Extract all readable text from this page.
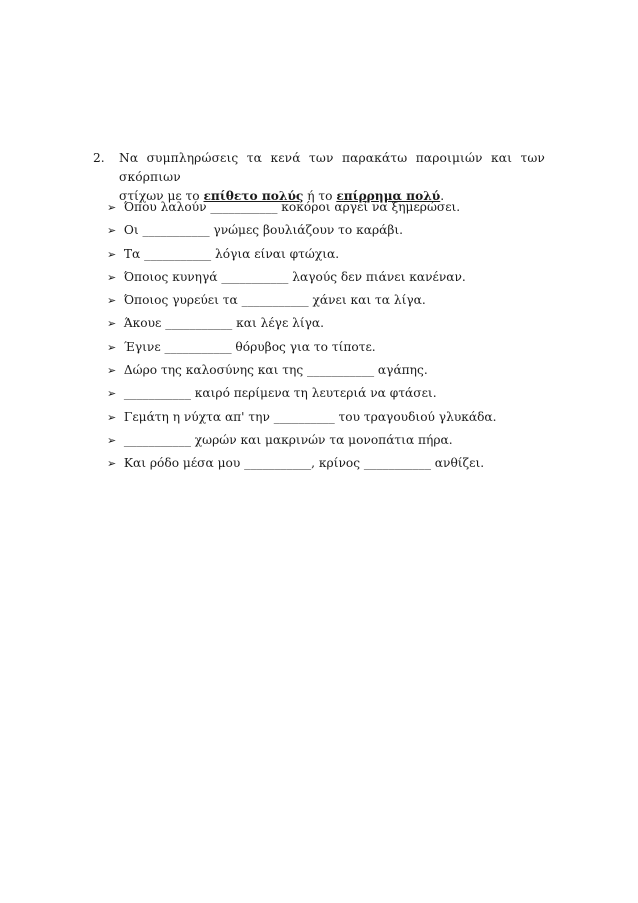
2. Να συμπληρώσεις τα κενά των παρακάτω παροιμιών και των σκόρπιων
στίχων με το επίθετο πολύς ή το επίρρημα πολύ.
➢ Όπου λαλούν ___________ κοκόροι αργεί να ξημερώσει.
➢ Οι ___________ γνώμες βουλιάζουν το καράβι.
➢ Τα ___________ λόγια είναι φτώχια.
➢ Όποιος κυνηγά ___________ λαγούς δεν πιάνει κανέναν.
➢ Όποιος γυρεύει τα ___________ χάνει και τα λίγα.
➢ Άκουε ___________ και λέγε λίγα.
➢ Έγινε ___________ θόρυβος για το τίποτε.
➢ Δώρο της καλοσύνης και της ___________ αγάπης.
➢ ___________ καιρό περίμενα τη λευτεριά να φτάσει.
➢ Γεμάτη η νύχτα απ' την __________ του τραγουδιού γλυκάδα.
➢ ___________ χωρών και μακρινών τα μονοπάτια πήρα.
➢ Και ρόδο μέσα μου ___________, κρίνος ___________ ανθίζει.
